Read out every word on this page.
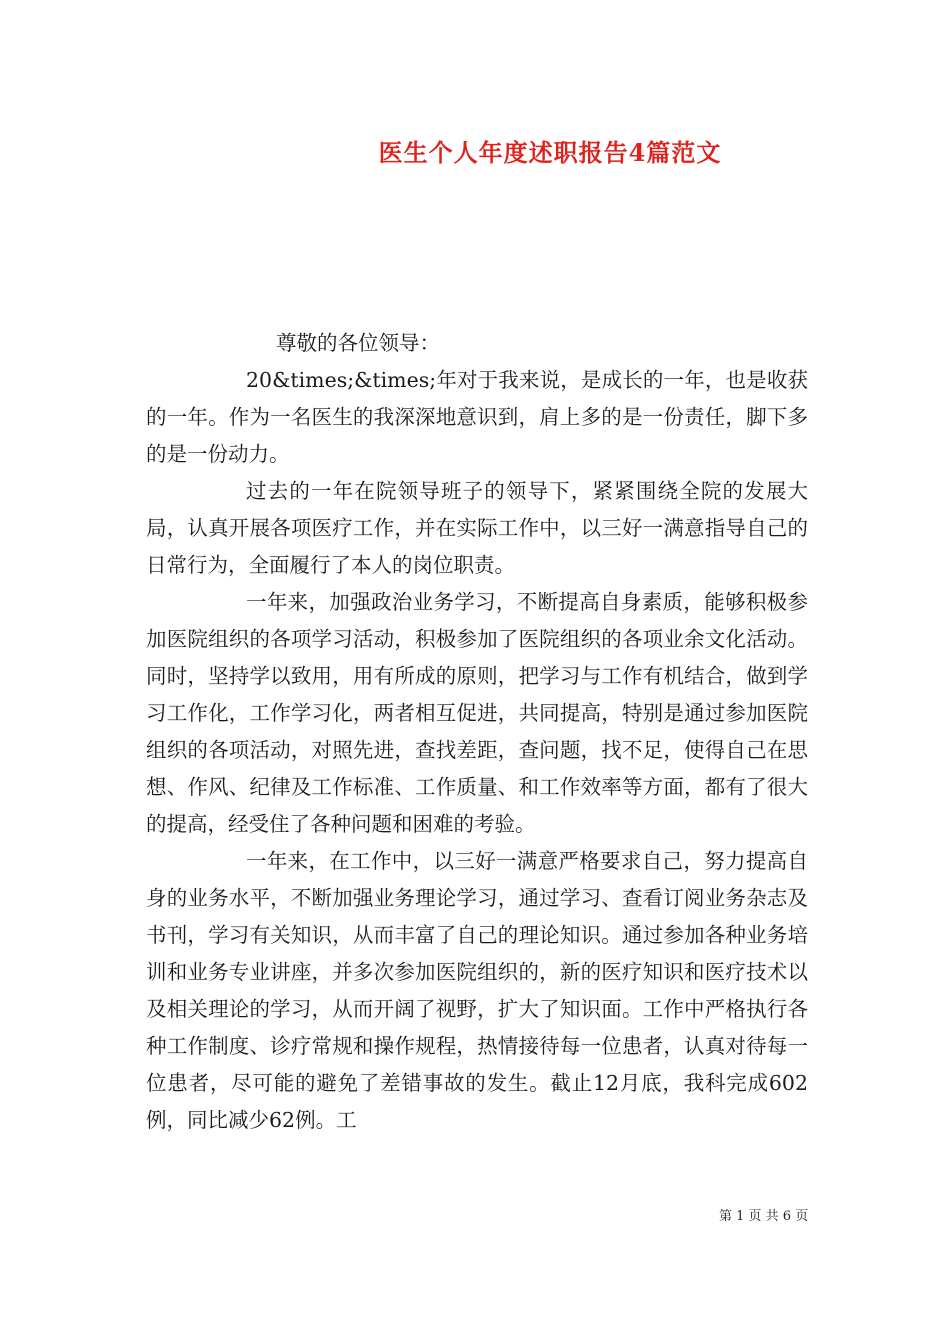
医生个人年度述职报告4篇范文

尊敬的各位领导：

20&times;&times;年对于我来说，是成长的一年，也是收获的一年。作为一名医生的我深深地意识到，肩上多的是一份责任，脚下多的是一份动力。

过去的一年在院领导班子的领导下，紧紧围绕全院的发展大局，认真开展各项医疗工作，并在实际工作中，以三好一满意指导自己的日常行为，全面履行了本人的岗位职责。

一年来，加强政治业务学习，不断提高自身素质，能够积极参加医院组织的各项学习活动，积极参加了医院组织的各项业余文化活动。同时，坚持学以致用，用有所成的原则，把学习与工作有机结合，做到学习工作化，工作学习化，两者相互促进，共同提高，特别是通过参加医院组织的各项活动，对照先进，查找差距，查问题，找不足，使得自己在思想、作风、纪律及工作标准、工作质量、和工作效率等方面，都有了很大的提高，经受住了各种问题和困难的考验。

一年来，在工作中，以三好一满意严格要求自己，努力提高自身的业务水平，不断加强业务理论学习，通过学习、查看订阅业务杂志及书刊，学习有关知识，从而丰富了自己的理论知识。通过参加各种业务培训和业务专业讲座，并多次参加医院组织的，新的医疗知识和医疗技术以及相关理论的学习，从而开阔了视野，扩大了知识面。工作中严格执行各种工作制度、诊疗常规和操作规程，热情接待每一位患者，认真对待每一位患者，尽可能的避免了差错事故的发生。截止12月底，我科完成602例，同比减少62例。工

第 1 页 共 6 页
